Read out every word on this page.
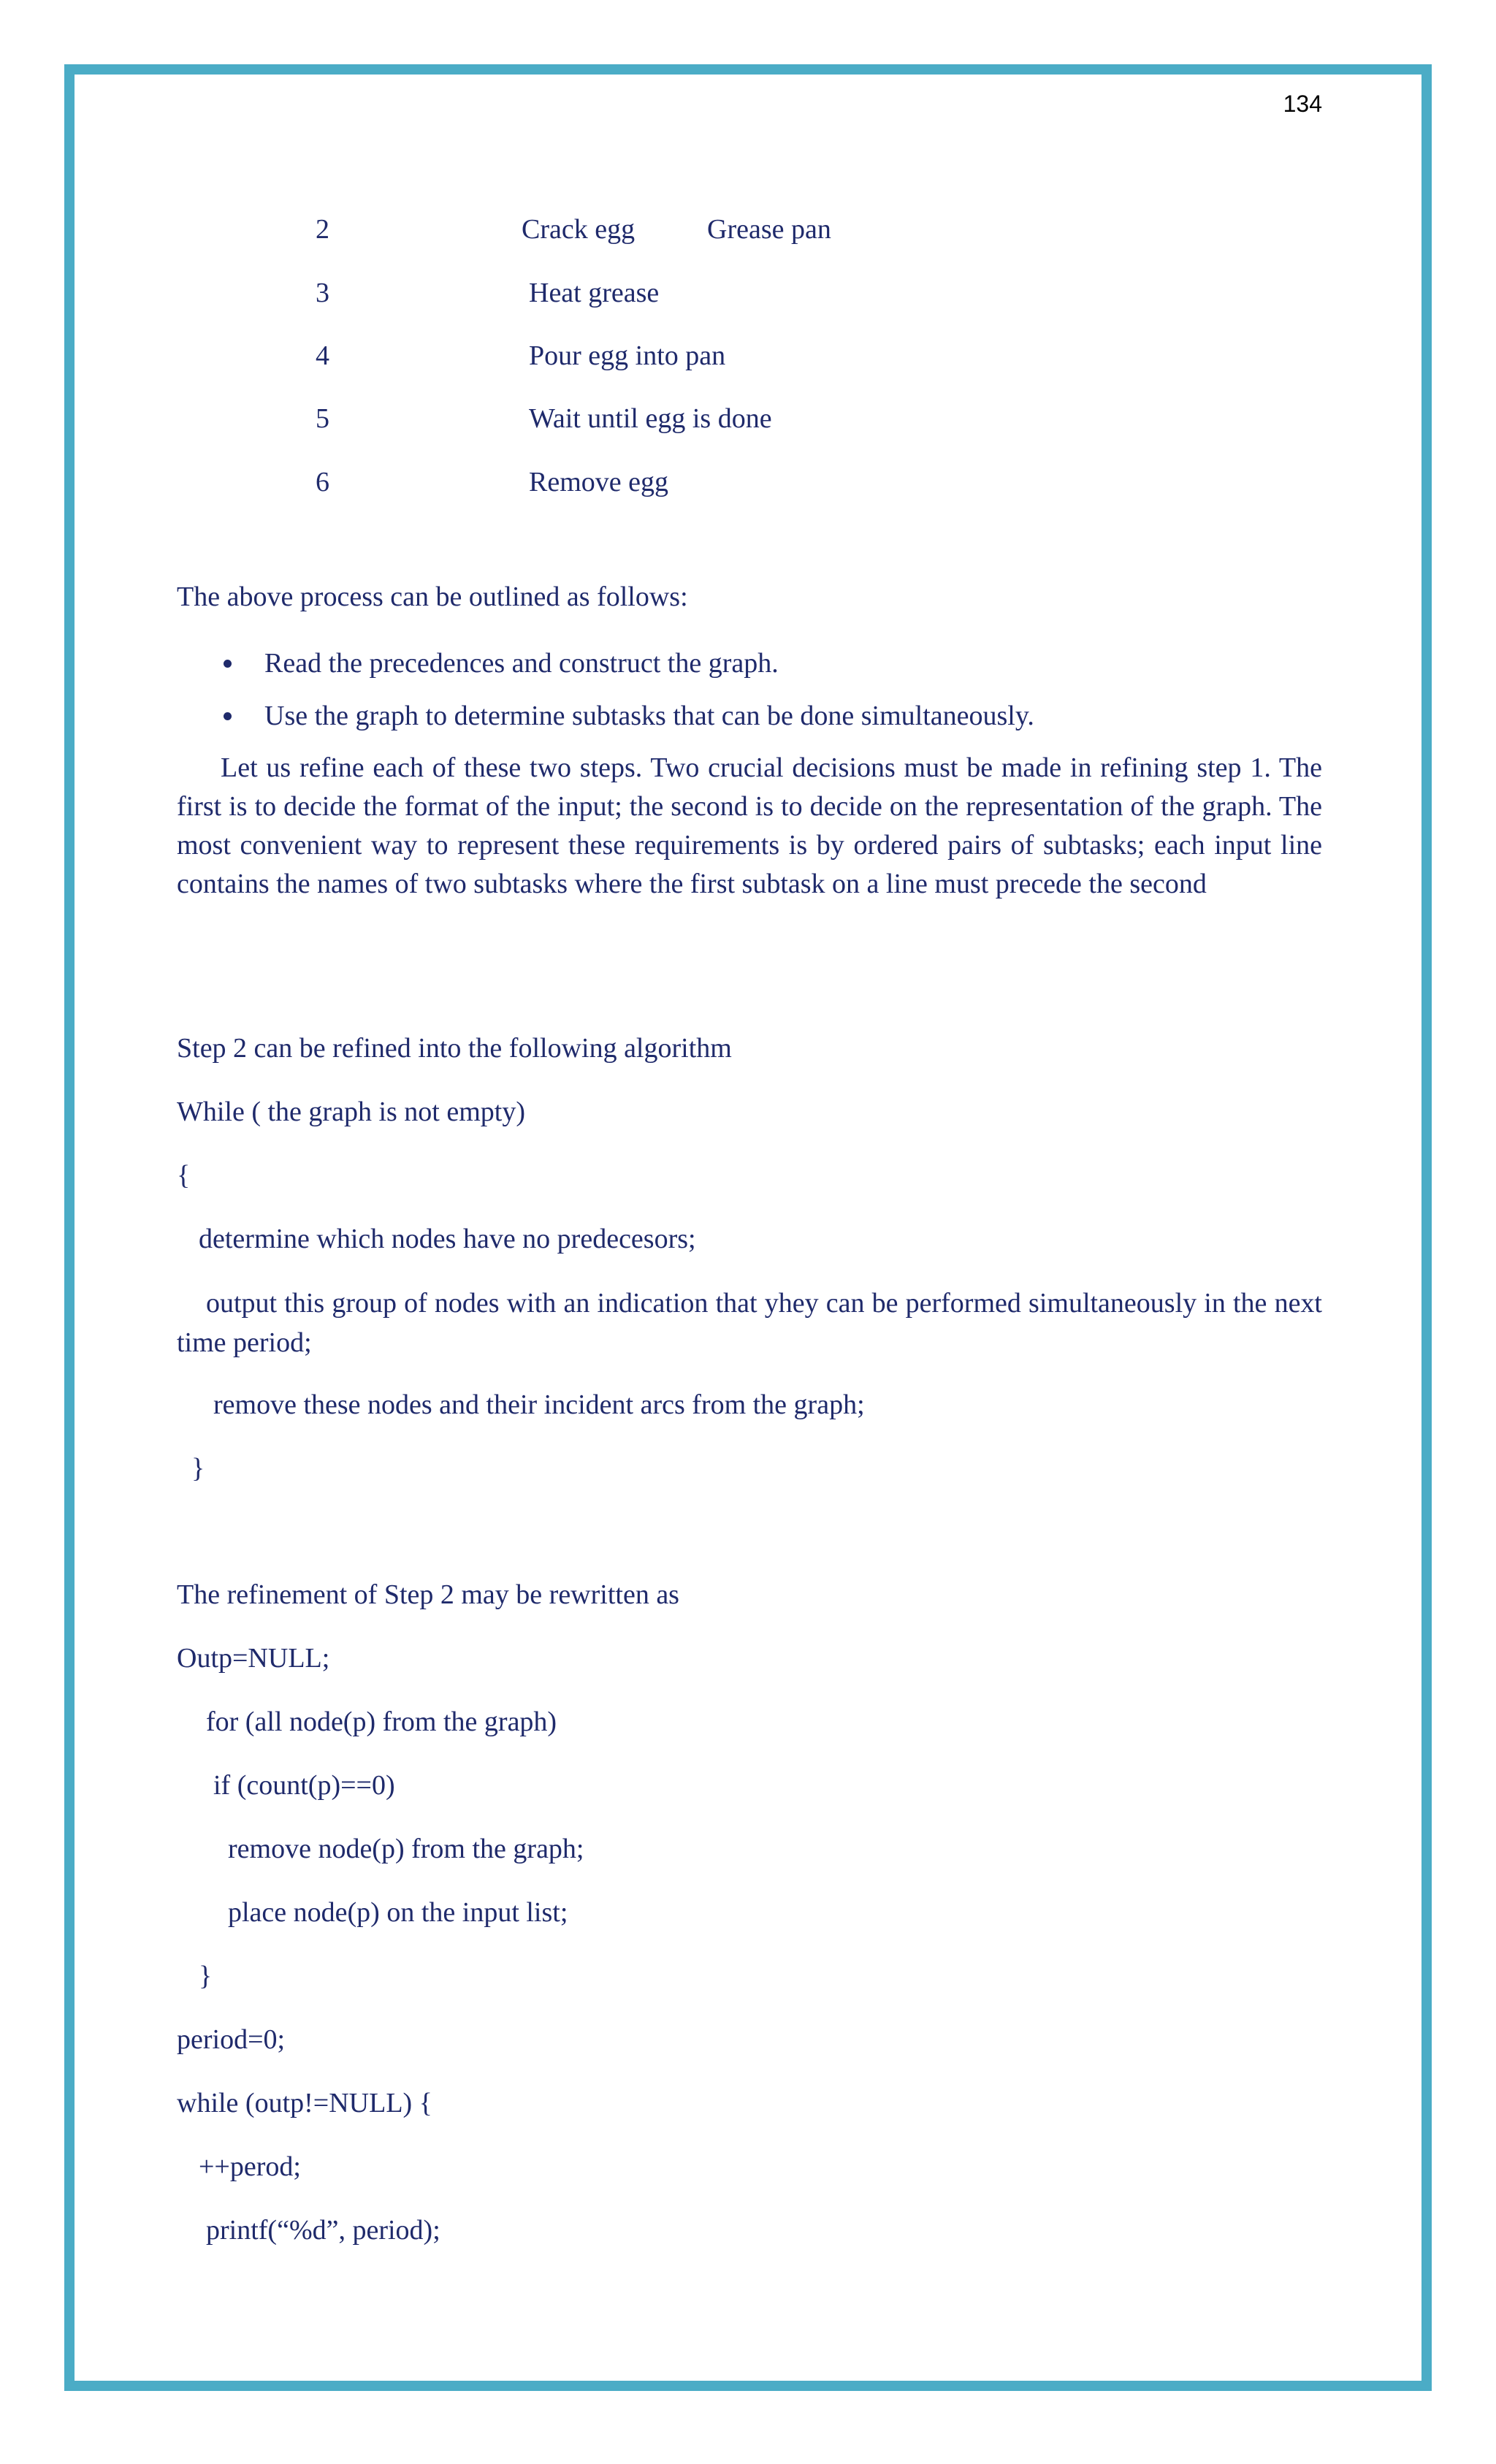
134
2	Crack egg	Grease pan
3	Heat grease
4	Pour egg into pan
5	Wait until egg is done
6	Remove egg
The above process can be outlined as follows:
Read the precedences and construct the graph.
Use the graph to determine subtasks that can be done simultaneously.
Let us refine each of these two steps. Two crucial decisions must be made in refining step 1. The first is to decide the format of the input; the second is to decide on the representation of the graph. The most convenient way to represent these requirements is by ordered pairs of subtasks; each input line contains the names of two subtasks where the first subtask on a line must precede the second
Step 2 can be refined into the following algorithm
While ( the graph is not empty)
{
determine which nodes have no predecesors;
output this group of nodes with an indication that yhey can be performed simultaneously in the next time period;
remove these nodes and their incident arcs from the graph;
}
The refinement of Step 2 may be rewritten as
Outp=NULL;
for (all node(p) from the graph)
if (count(p)==0)
remove node(p) from the graph;
place node(p) on the input list;
}
period=0;
while (outp!=NULL) {
++perod;
printf(“%d”, period);
